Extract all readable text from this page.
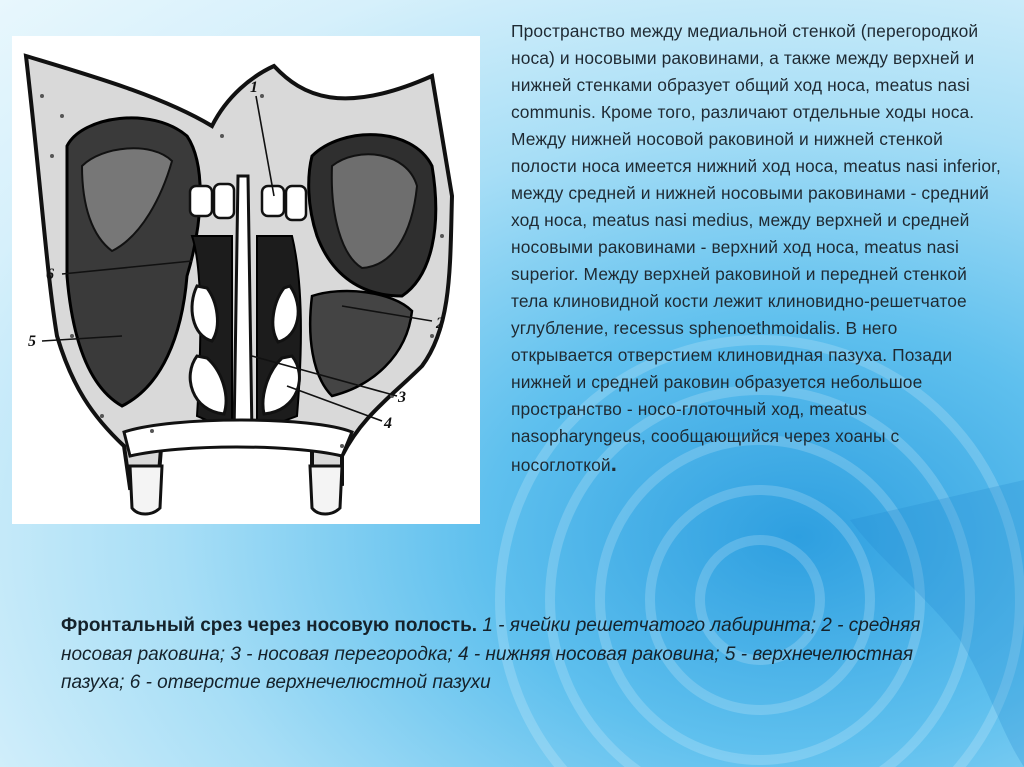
1
2
3
4
5
6

Пространство между медиальной стенкой (перегородкой носа) и носовыми раковинами, а также между верхней и нижней стенками образует общий ход носа, meatus nasi communis. Кроме того, различают отдельные ходы носа. Между нижней носовой раковиной и нижней стенкой полости носа имеется нижний ход носа, meatus nasi inferior, между средней и нижней носовыми раковинами - средний ход носа, meatus nasi medius, между верхней и средней носовыми раковинами - верхний ход носа, meatus nasi superior. Между верхней раковиной и передней стенкой тела клиновидной кости лежит клиновидно-решетчатое углубление, recessus sphenoethmoidalis. В него открывается отверстием клиновидная пазуха. Позади нижней и средней раковин образуется небольшое пространство - носо-глоточный ход, meatus nasopharyngeus, сообщающийся через хоаны с носоглоткой.

Фронтальный срез через носовую полость. 1 - ячейки решетчатого лабиринта; 2 - средняя носовая раковина; 3 - носовая перегородка; 4 - нижняя носовая раковина; 5 - верхнечелюстная пазуха; 6 - отверстие верхнечелюстной пазухи
